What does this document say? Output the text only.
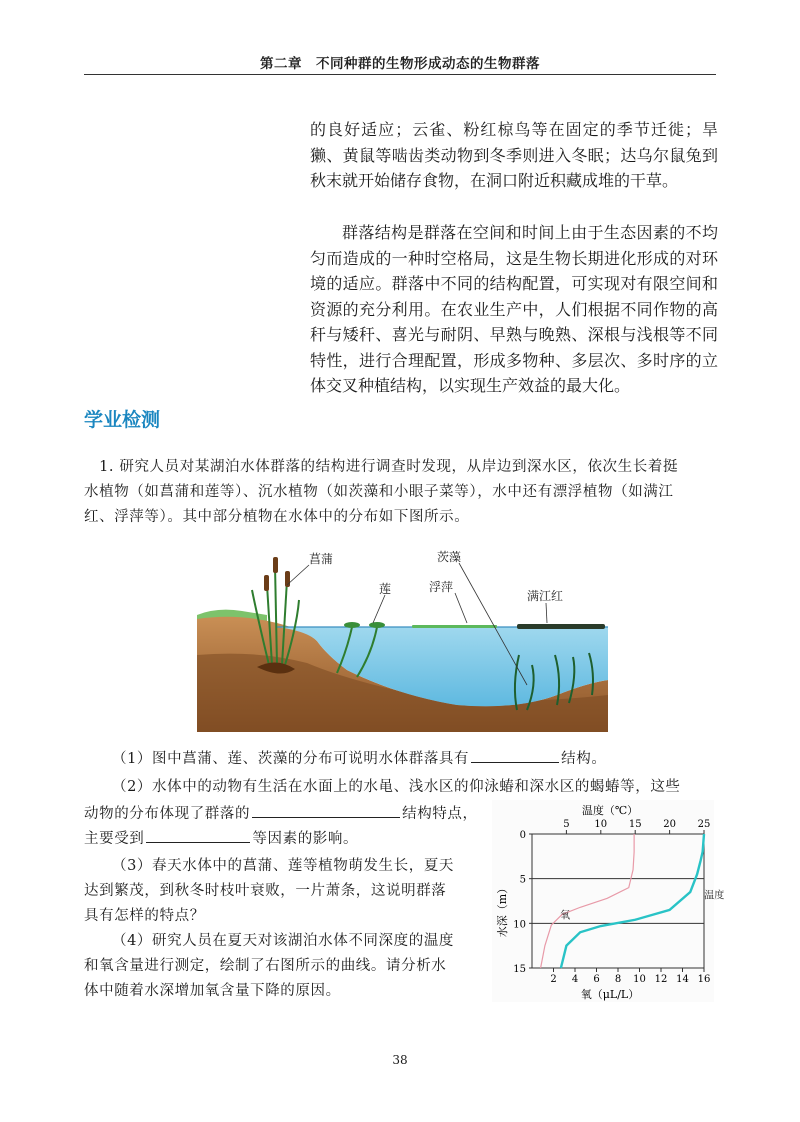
第二章　不同种群的生物形成动态的生物群落

的良好适应；云雀、粉红椋鸟等在固定的季节迁徙；旱獭、黄鼠等啮齿类动物到冬季则进入冬眠；达乌尔鼠兔到秋末就开始储存食物，在洞口附近积藏成堆的干草。

群落结构是群落在空间和时间上由于生态因素的不均匀而造成的一种时空格局，这是生物长期进化形成的对环境的适应。群落中不同的结构配置，可实现对有限空间和资源的充分利用。在农业生产中，人们根据不同作物的高秆与矮秆、喜光与耐阴、早熟与晚熟、深根与浅根等不同特性，进行合理配置，形成多物种、多层次、多时序的立体交叉种植结构，以实现生产效益的最大化。

学业检测
　1. 研究人员对某湖泊水体群落的结构进行调查时发现，从岸边到深水区，依次生长着挺
水植物（如菖蒲和莲等）、沉水植物（如茨藻和小眼子菜等），水中还有漂浮植物（如满江
红、浮萍等）。其中部分植物在水体中的分布如下图所示。
菖蒲
莲	浮萍
茨藻
满江红
（1）图中菖蒲、莲、茨藻的分布可说明水体群落具有	结构。
（2）水体中的动物有生活在水面上的水黾、浅水区的仰泳蝽和深水区的蝎蝽等，这些
动物的分布体现了群落的	结构特点，
主要受到	等因素的影响。
（3）春天水体中的菖蒲、莲等植物萌发生长，夏天
达到繁茂，到秋冬时枝叶衰败，一片萧条，这说明群落
具有怎样的特点？
（4）研究人员在夏天对该湖泊水体不同深度的温度
和氧含量进行测定，绘制了右图所示的曲线。请分析水
体中随着水深增加氧含量下降的原因。
温度（℃）
氧（μL/L）
水深（m）
5 10 15 20 25
2 4 6 8 10 12 14 16
0
5
10
15
温度
氧
38
